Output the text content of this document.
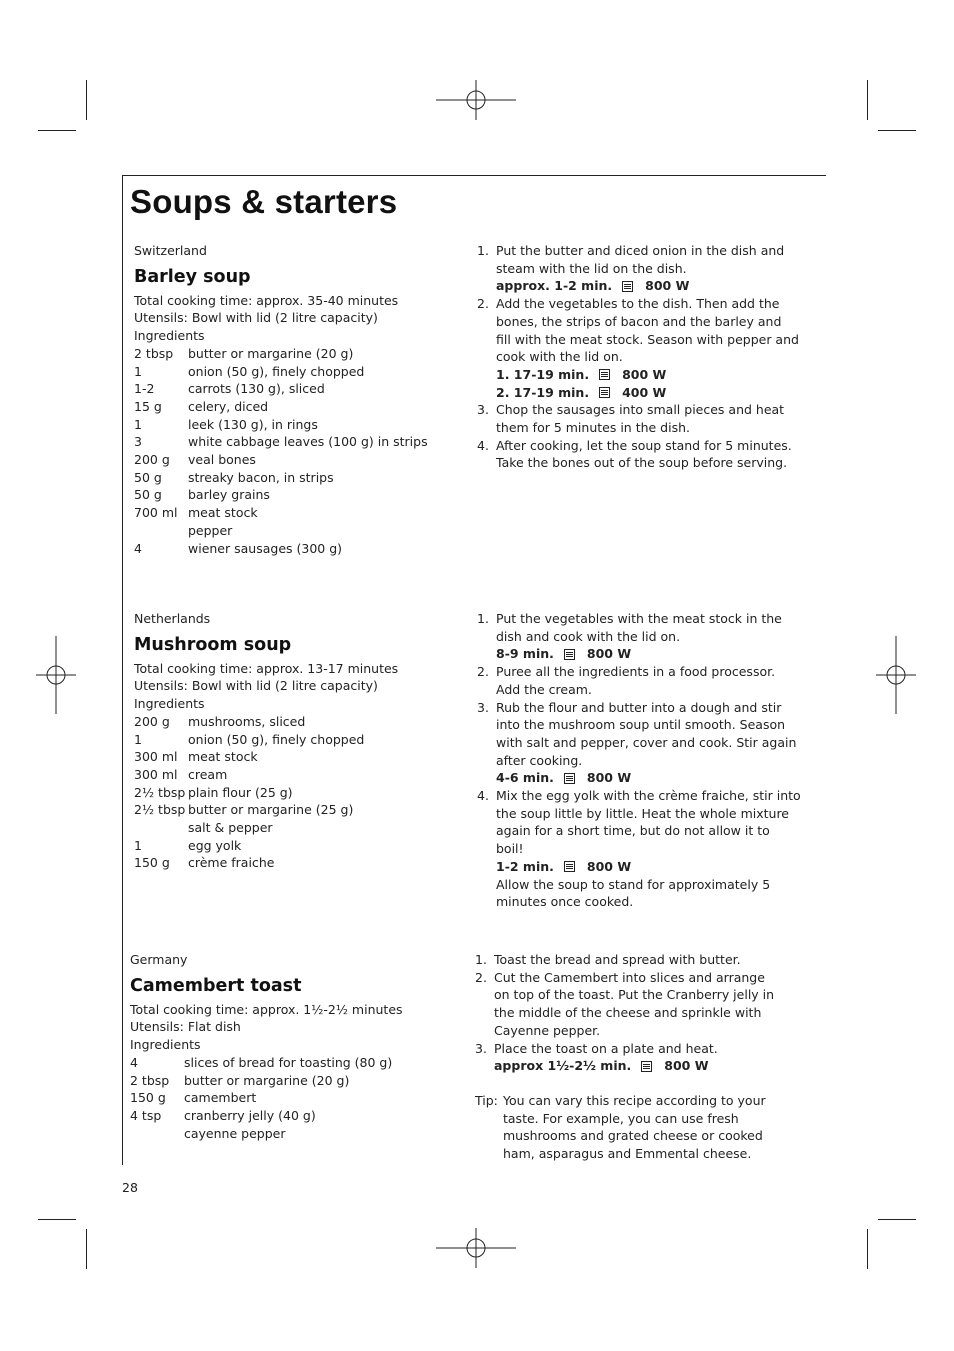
Soups & starters
Switzerland
Barley soup
Total cooking time: approx. 35-40 minutes
Utensils: Bowl with lid (2 litre capacity)
Ingredients
2 tbsp	butter or margarine (20 g)
1	onion (50 g), finely chopped
1-2	carrots (130 g), sliced
15 g	celery, diced
1	leek (130 g), in rings
3	white cabbage leaves (100 g) in strips
200 g	veal bones
50 g	streaky bacon, in strips
50 g	barley grains
700 ml meat stock
pepper
4	wiener sausages (300 g)
1. Put the butter and diced onion in the dish and steam with the lid on the dish.
approx. 1-2 min.	800 W
2. Add the vegetables to the dish. Then add the bones, the strips of bacon and the barley and fill with the meat stock. Season with pepper and cook with the lid on.
1. 17-19 min.	800 W
2. 17-19 min.	400 W
3. Chop the sausages into small pieces and heat them for 5 minutes in the dish.
4. After cooking, let the soup stand for 5 minutes. Take the bones out of the soup before serving.
Netherlands
Mushroom soup
Total cooking time: approx. 13-17 minutes
Utensils: Bowl with lid (2 litre capacity)
Ingredients
200 g	mushrooms, sliced
1	onion (50 g), finely chopped
300 ml meat stock
300 ml cream
2½ tbsp plain flour (25 g)
2½ tbsp butter or margarine (25 g)
salt & pepper
1	egg yolk
150 g	crème fraiche
1. Put the vegetables with the meat stock in the dish and cook with the lid on.
8-9 min.	800 W
2. Puree all the ingredients in a food processor. Add the cream.
3. Rub the flour and butter into a dough and stir into the mushroom soup until smooth. Season with salt and pepper, cover and cook. Stir again after cooking.
4-6 min.	800 W
4. Mix the egg yolk with the crème fraiche, stir into the soup little by little. Heat the whole mixture again for a short time, but do not allow it to boil!
1-2 min.	800 W
Allow the soup to stand for approximately 5 minutes once cooked.
Germany
Camembert toast
Total cooking time: approx. 1½-2½ minutes
Utensils: Flat dish
Ingredients
4	slices of bread for toasting (80 g)
2 tbsp	butter or margarine (20 g)
150 g	camembert
4 tsp	cranberry jelly (40 g)
cayenne pepper
1. Toast the bread and spread with butter.
2. Cut the Camembert into slices and arrange on top of the toast. Put the Cranberry jelly in the middle of the cheese and sprinkle with Cayenne pepper.
3. Place the toast on a plate and heat.
approx 1½-2½ min.	800 W
Tip: You can vary this recipe according to your taste. For example, you can use fresh mushrooms and grated cheese or cooked ham, asparagus and Emmental cheese.
28
